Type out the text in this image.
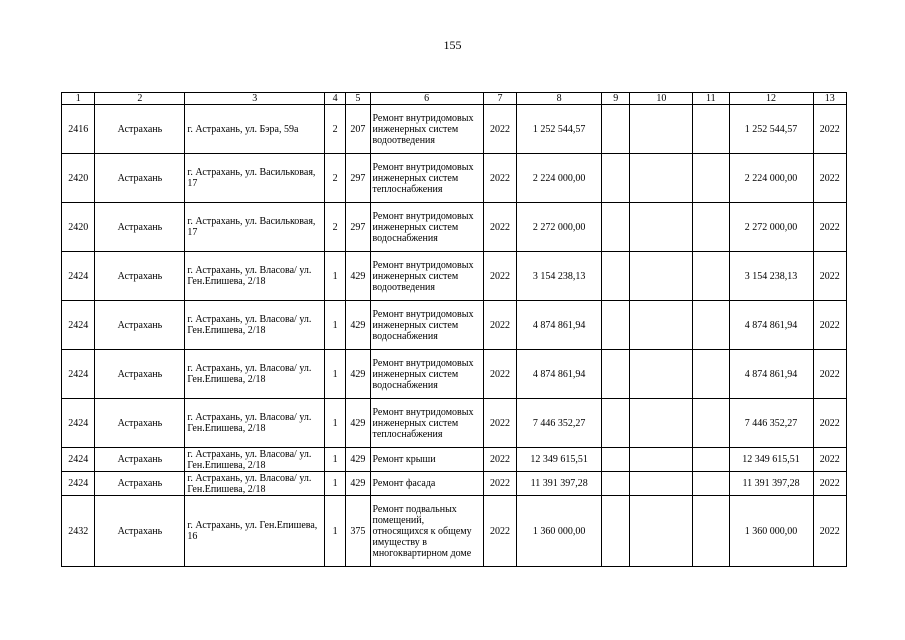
155
1	2	3	4	5	6	7	8	9	10	11	12	13
2416	Астрахань	г. Астрахань, ул. Бэра, 59а	2	207	Ремонт внутридомовых инженерных систем водоотведения	2022	1 252 544,57				1 252 544,57	2022
2420	Астрахань	г. Астрахань, ул. Васильковая, 17	2	297	Ремонт внутридомовых инженерных систем теплоснабжения	2022	2 224 000,00				2 224 000,00	2022
2420	Астрахань	г. Астрахань, ул. Васильковая, 17	2	297	Ремонт внутридомовых инженерных систем водоснабжения	2022	2 272 000,00				2 272 000,00	2022
2424	Астрахань	г. Астрахань, ул. Власова/ ул. Ген.Епишева, 2/18	1	429	Ремонт внутридомовых инженерных систем водоотведения	2022	3 154 238,13				3 154 238,13	2022
2424	Астрахань	г. Астрахань, ул. Власова/ ул. Ген.Епишева, 2/18	1	429	Ремонт внутридомовых инженерных систем водоснабжения	2022	4 874 861,94				4 874 861,94	2022
2424	Астрахань	г. Астрахань, ул. Власова/ ул. Ген.Епишева, 2/18	1	429	Ремонт внутридомовых инженерных систем водоснабжения	2022	4 874 861,94				4 874 861,94	2022
2424	Астрахань	г. Астрахань, ул. Власова/ ул. Ген.Епишева, 2/18	1	429	Ремонт внутридомовых инженерных систем теплоснабжения	2022	7 446 352,27				7 446 352,27	2022
2424	Астрахань	г. Астрахань, ул. Власова/ ул. Ген.Епишева, 2/18	1	429	Ремонт крыши	2022	12 349 615,51				12 349 615,51	2022
2424	Астрахань	г. Астрахань, ул. Власова/ ул. Ген.Епишева, 2/18	1	429	Ремонт фасада	2022	11 391 397,28				11 391 397,28	2022
2432	Астрахань	г. Астрахань, ул. Ген.Епишева, 16	1	375	Ремонт подвальных помещений, относящихся к общему имуществу в многоквартирном доме	2022	1 360 000,00				1 360 000,00	2022
